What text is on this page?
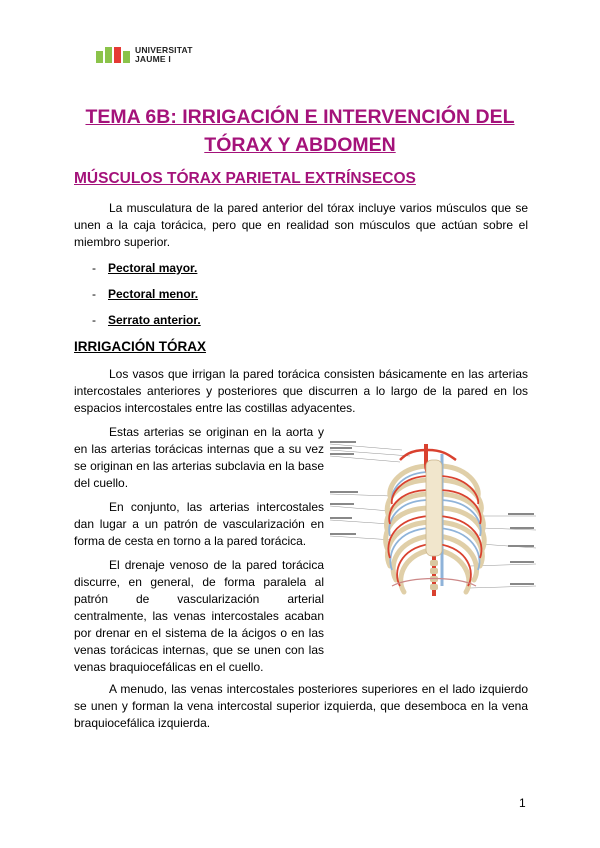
UNIVERSITAT
JAUME I
TEMA 6B: IRRIGACIÓN E INTERVENCIÓN DEL
TÓRAX Y ABDOMEN
MÚSCULOS TÓRAX PARIETAL EXTRÍNSECOS
La musculatura de la pared anterior del tórax incluye varios músculos que se unen a la caja torácica, pero que en realidad son músculos que actúan sobre el miembro superior.
- Pectoral mayor.
- Pectoral menor.
- Serrato anterior.
IRRIGACIÓN TÓRAX
Los vasos que irrigan la pared torácica consisten básicamente en las arterias intercostales anteriores y posteriores que discurren a lo largo de la pared en los espacios intercostales entre las costillas adyacentes.
Estas arterias se originan en la aorta y en las arterias torácicas internas que a su vez se originan en las arterias subclavia en la base del cuello.
En conjunto, las arterias intercostales dan lugar a un patrón de vascularización en forma de cesta en torno a la pared torácica.
El drenaje venoso de la pared torácica discurre, en general, de forma paralela al patrón de vascularización arterial centralmente, las venas intercostales acaban por drenar en el sistema de la ácigos o en las venas torácicas internas, que se unen con las venas braquiocefálicas en el cuello.
A menudo, las venas intercostales posteriores superiores en el lado izquierdo se unen y forman la vena intercostal superior izquierda, que desemboca en la vena braquiocefálica izquierda.
1
